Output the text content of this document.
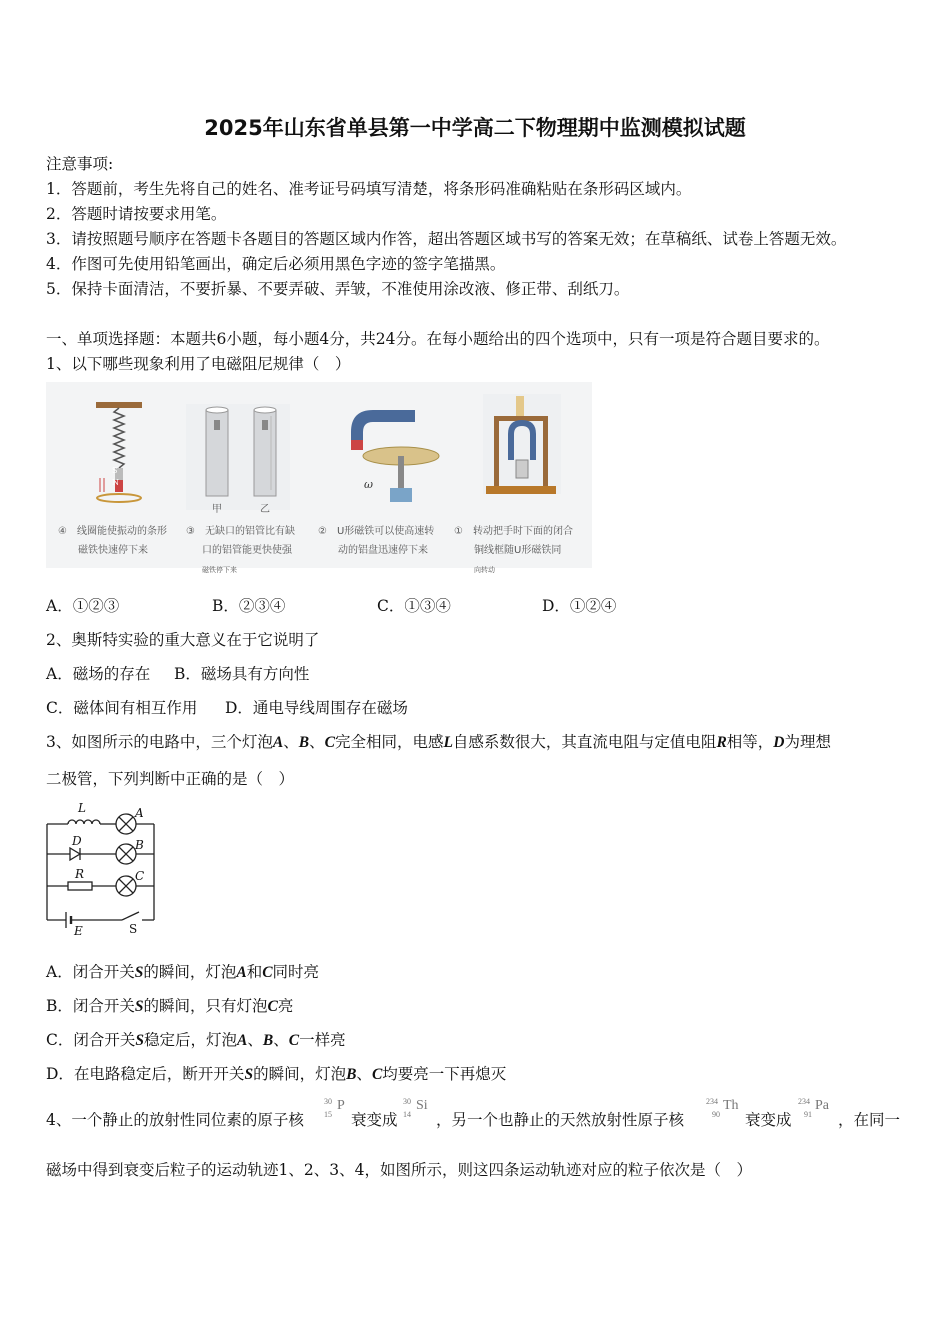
2025年山东省单县第一中学高二下物理期中监测模拟试题
注意事项:
1．答题前，考生先将自己的姓名、准考证号码填写清楚，将条形码准确粘贴在条形码区域内。
2．答题时请按要求用笔。
3．请按照题号顺序在答题卡各题目的答题区域内作答，超出答题区域书写的答案无效；在草稿纸、试卷上答题无效。
4．作图可先使用铅笔画出，确定后必须用黑色字迹的签字笔描黑。
5．保持卡面清洁，不要折暴、不要弄破、弄皱，不准使用涂改液、修正带、刮纸刀。
一、单项选择题：本题共6小题，每小题4分，共24分。在每小题给出的四个选项中，只有一项是符合题目要求的。
1、以下哪些现象利用了电磁阻尼规律（　）
S
N
甲	乙
ω
④　线圈能使振动的条形
磁铁快速停下来
③　无缺口的铝管比有缺
口的铝管能更快使强
磁铁停下来
②　U形磁铁可以使高速转
动的铝盘迅速停下来
①　转动把手时下面的闭合
铜线框随U形磁铁同
向转动
A．①②③	B．②③④	C．①③④	D．①②④
2、奥斯特实验的重大意义在于它说明了
A．磁场的存在 B．磁场具有方向性
C．磁体间有相互作用 D．通电导线周围存在磁场
3、如图所示的电路中，三个灯泡A、B、C完全相同，电感L自感系数很大，其直流电阻与定值电阻R相等，D为理想
二极管，下列判断中正确的是（　）
L	A
D	B
R	C
E	S
A．闭合开关S的瞬间，灯泡A和C同时亮
B．闭合开关S的瞬间，只有灯泡C亮
C．闭合开关S稳定后，灯泡A、B、C一样亮
D．在电路稳定后，断开开关S的瞬间，灯泡B、C均要亮一下再熄灭
4、一个静止的放射性同位素的原子核
30
15
P
衰变成
30
14
Si
，另一个也静止的天然放射性原子核
234
90
Th
衰变成
234
91
Pa
，在同一
磁场中得到衰变后粒子的运动轨迹1、2、3、4，如图所示，则这四条运动轨迹对应的粒子依次是（　）
